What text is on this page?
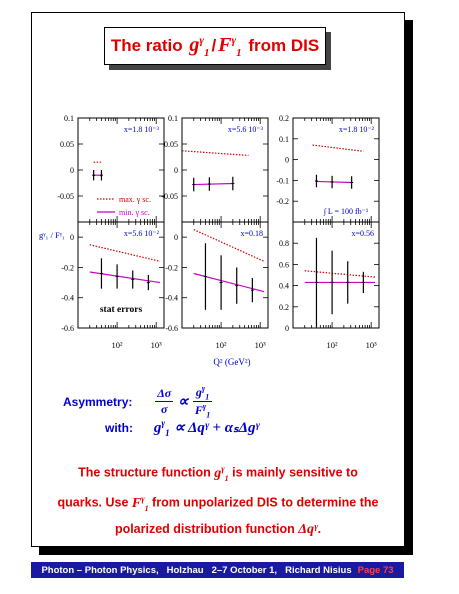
The ratio
$g^\gamma_1 / F^\gamma_1$
from DIS
0.1
0.05
0
-0.05
x=1.8 10⁻³
0.1
0.05
0
-0.05
x=5.6 10⁻³
0.2
0.1
0
-0.1
-0.2
x=1.8 10⁻²
0
-0.2
-0.4
-0.6
x=5.6 10⁻² 0
-0.2
-0.4
-0.6
x=0.18
0.8
0.6
0.4
0.2
0
x=0.56
max. γ sc.
min. γ sc.	∫ L = 100 fb⁻¹
stat errors
gᵞ₁ / Fᵞ₁
10²	10³	10²	10³	10²	10³
Q² (GeV²)
Asymmetry: $\frac{\Delta\sigma}{\sigma} \propto \frac{g^\gamma_1}{F^\gamma_1}$
with: $g^\gamma_1$ ∝ Δqᵞ + αₛΔgᵞ
The structure function $g^\gamma_1$ is mainly sensitive to
quarks. Use $F^\gamma_1$ from unpolarized DIS to determine the
polarized distribution function Δqᵞ.
Photon – Photon Physics, Holzhau 2–7 October 1, Richard Nisius Page 73
